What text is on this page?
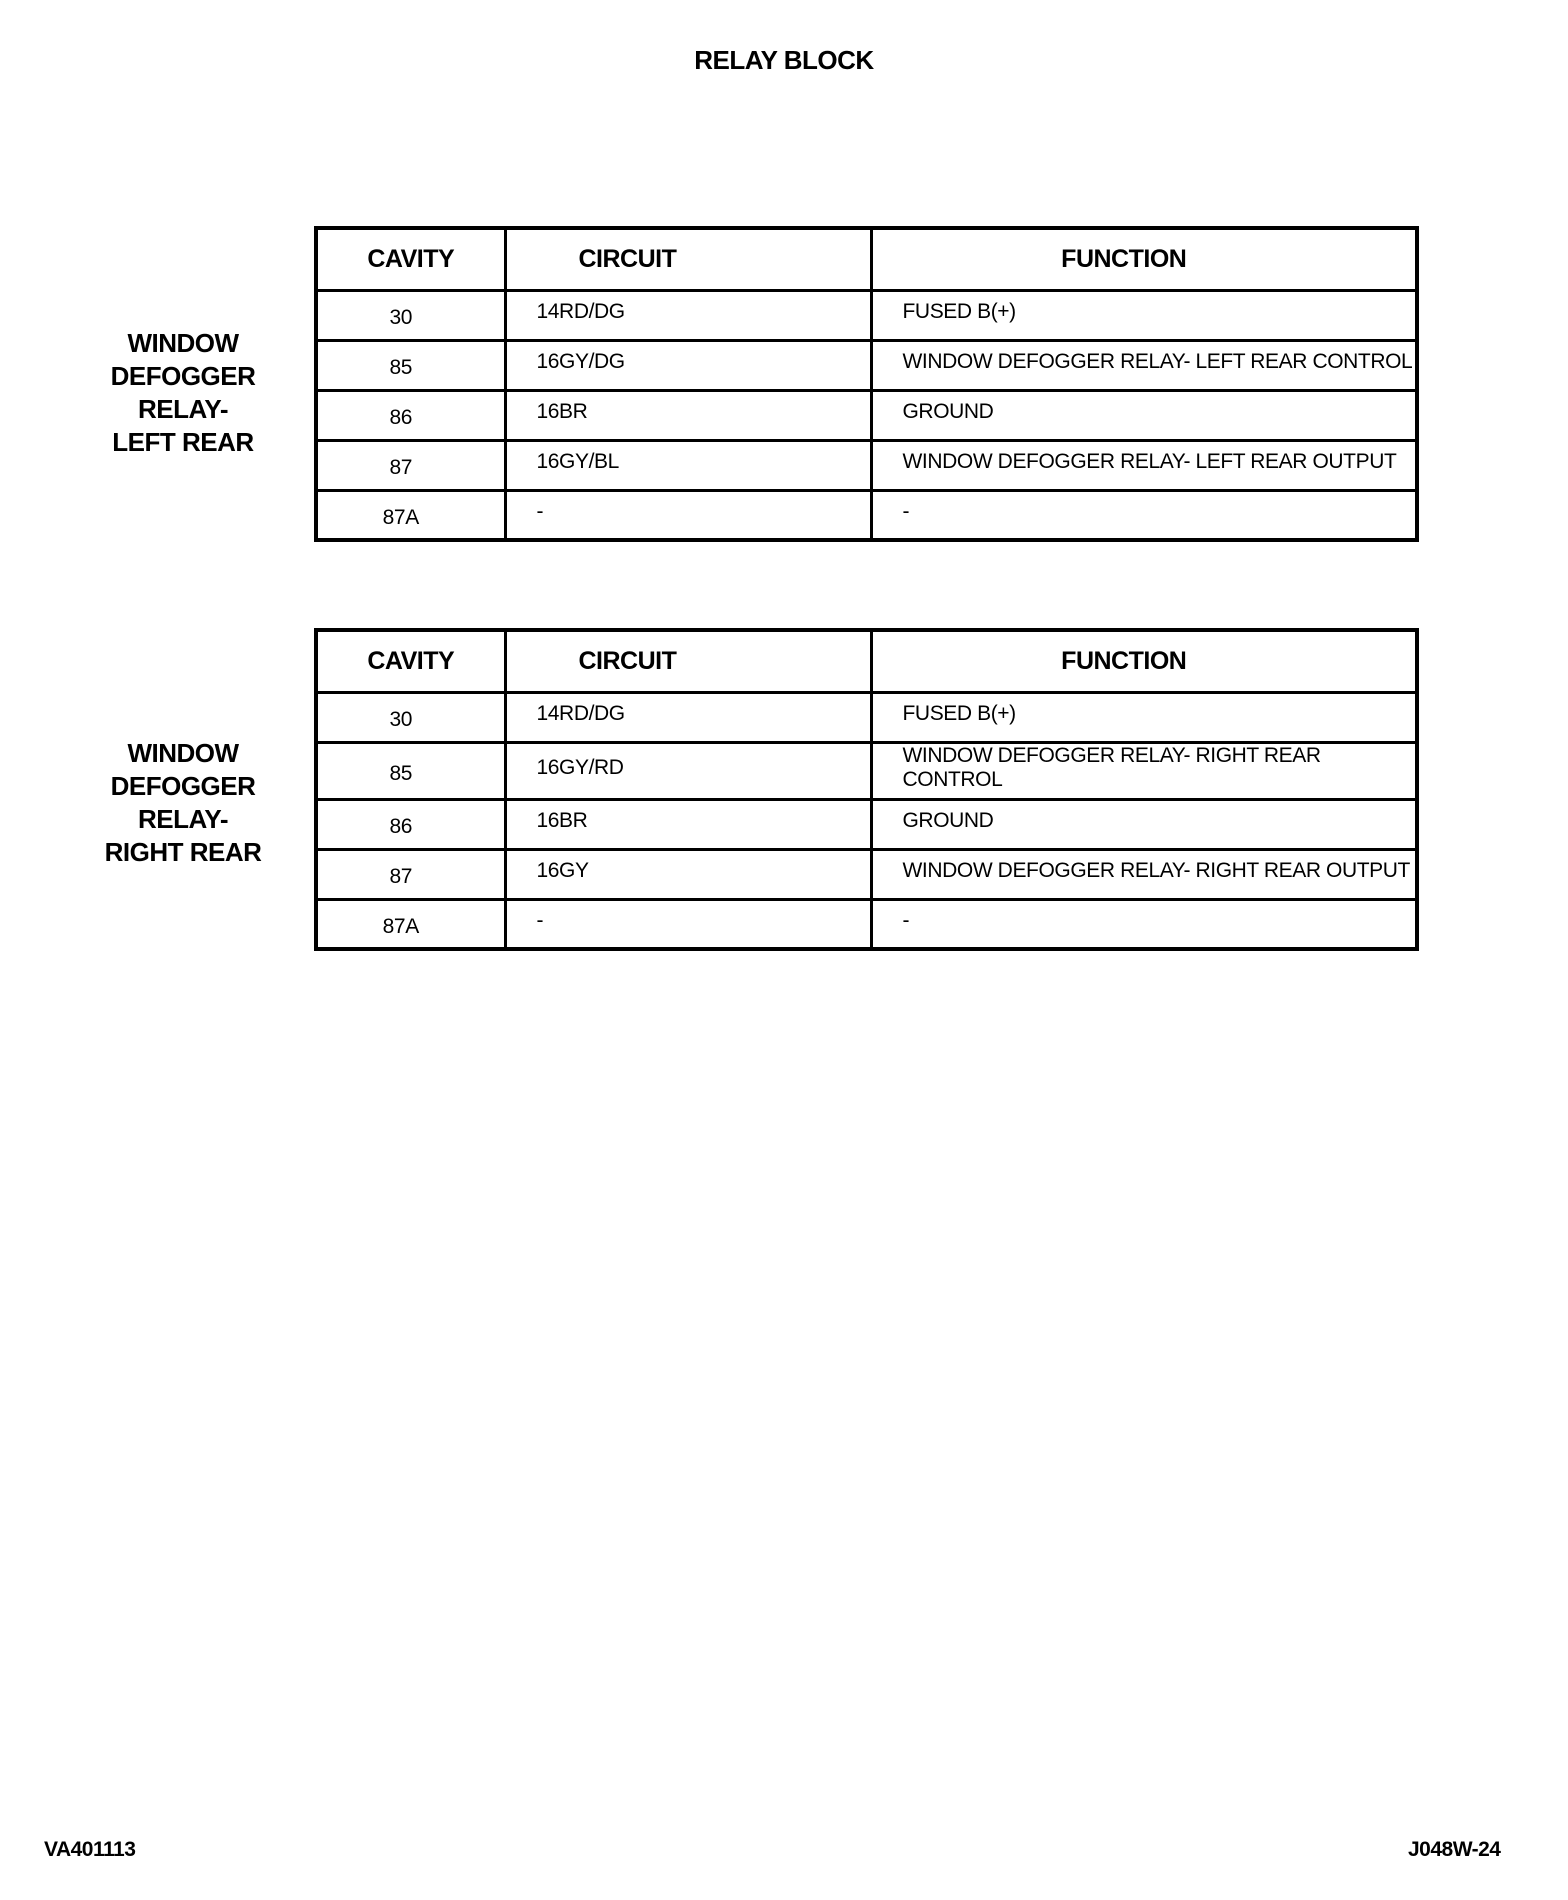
RELAY BLOCK
WINDOW
DEFOGGER
RELAY-
LEFT REAR
CAVITY	CIRCUIT	FUNCTION
30	14RD/DG	FUSED B(+)
85	16GY/DG	WINDOW DEFOGGER RELAY- LEFT REAR CONTROL
86	16BR	GROUND
87	16GY/BL	WINDOW DEFOGGER RELAY- LEFT REAR OUTPUT
87A	-	-
WINDOW
DEFOGGER
RELAY-
RIGHT REAR
CAVITY	CIRCUIT	FUNCTION
30	14RD/DG	FUSED B(+)
85	16GY/RD	WINDOW DEFOGGER RELAY- RIGHT REAR CONTROL
86	16BR	GROUND
87	16GY	WINDOW DEFOGGER RELAY- RIGHT REAR OUTPUT
87A	-	-
VA401113	J048W-24
